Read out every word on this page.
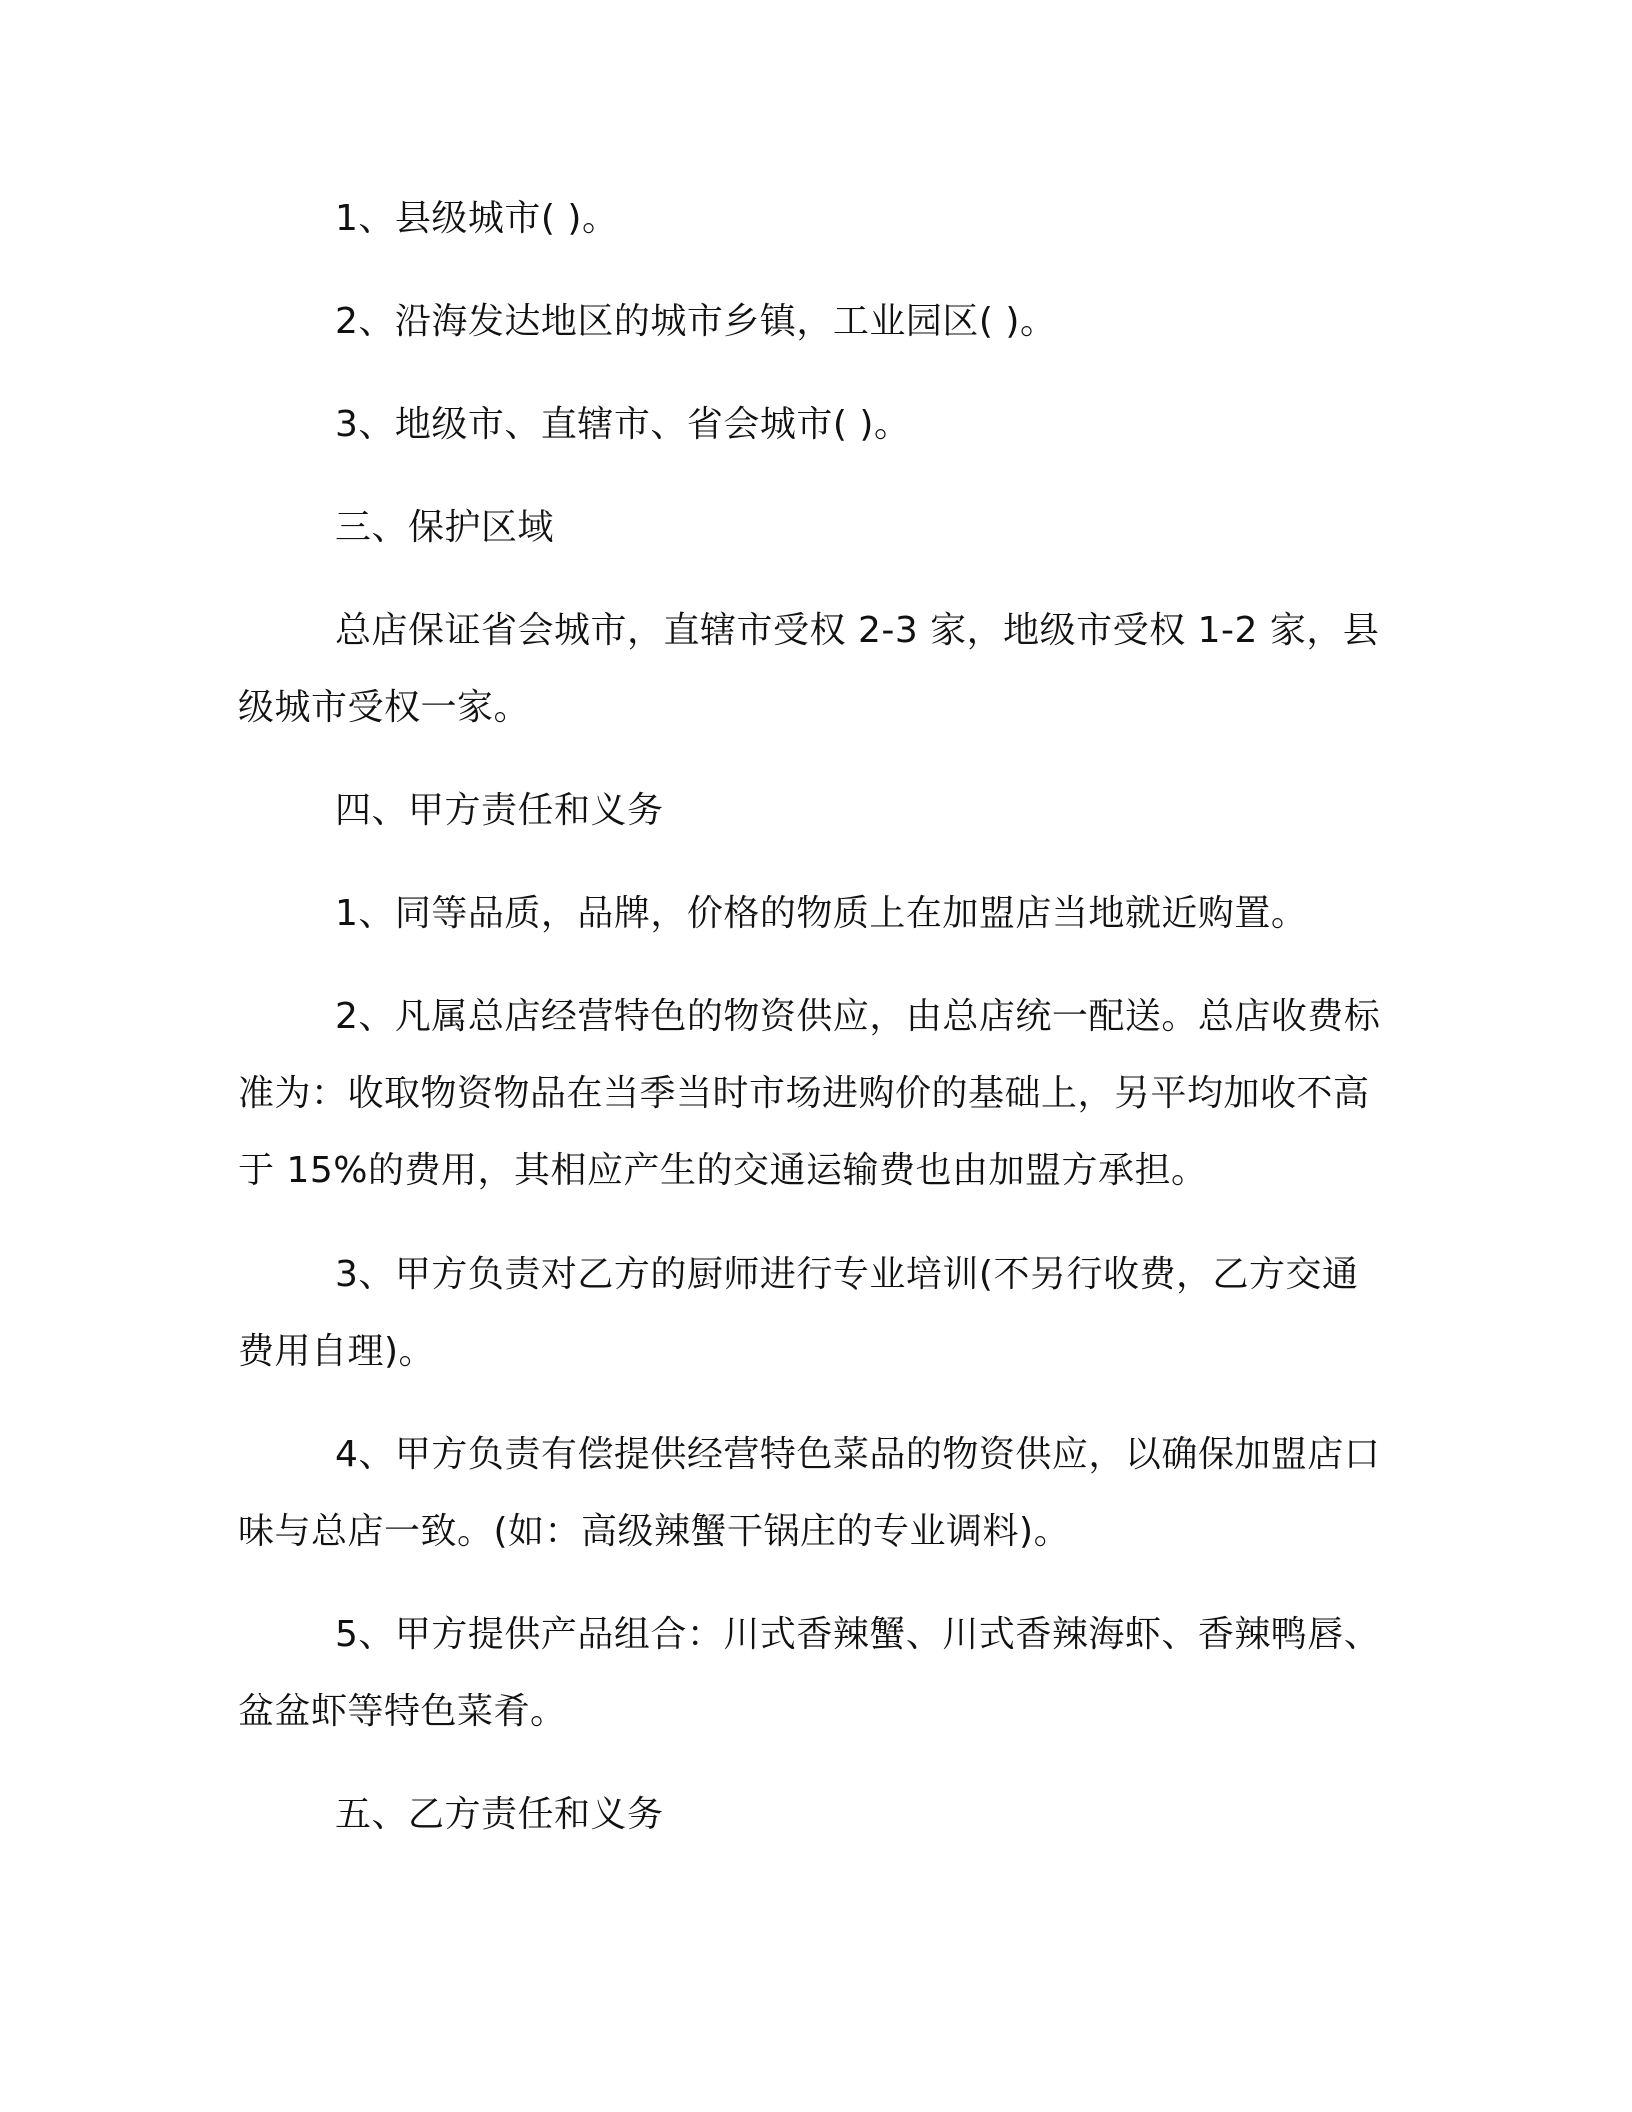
1、县级城市( )。

2、沿海发达地区的城市乡镇，工业园区( )。

3、地级市、直辖市、省会城市( )。

三、保护区域

总店保证省会城市，直辖市受权 2-3 家，地级市受权 1-2 家，县级城市受权一家。

四、甲方责任和义务

1、同等品质，品牌，价格的物质上在加盟店当地就近购置。

2、凡属总店经营特色的物资供应，由总店统一配送。总店收费标准为：收取物资物品在当季当时市场进购价的基础上，另平均加收不高于 15%的费用，其相应产生的交通运输费也由加盟方承担。

3、甲方负责对乙方的厨师进行专业培训(不另行收费，乙方交通费用自理)。

4、甲方负责有偿提供经营特色菜品的物资供应，以确保加盟店口味与总店一致。(如：高级辣蟹干锅庄的专业调料)。

5、甲方提供产品组合：川式香辣蟹、川式香辣海虾、香辣鸭唇、盆盆虾等特色菜肴。

五、乙方责任和义务
